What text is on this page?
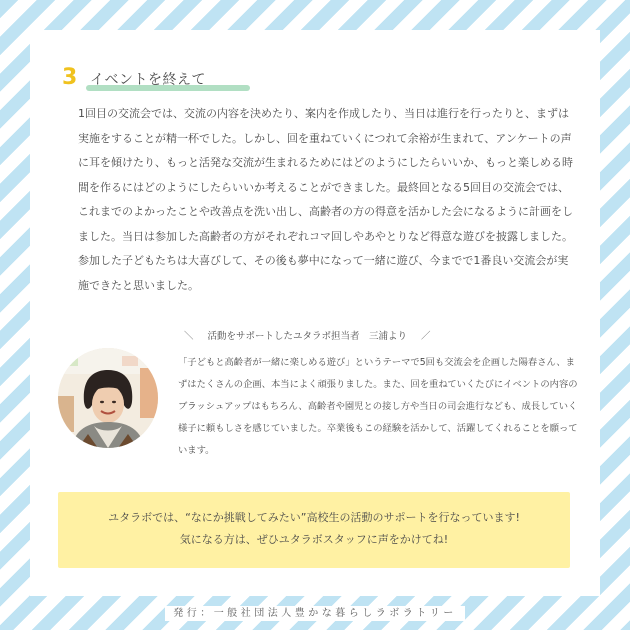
3 イベントを終えて

1回目の交流会では、交流の内容を決めたり、案内を作成したり、当日は進行を行ったりと、まずは実施をすることが精一杯でした。しかし、回を重ねていくにつれて余裕が生まれて、アンケートの声に耳を傾けたり、もっと活発な交流が生まれるためにはどのようにしたらいいか、もっと楽しめる時間を作るにはどのようにしたらいいか考えることができました。最終回となる5回目の交流会では、これまでのよかったことや改善点を洗い出し、高齢者の方の得意を活かした会になるように計画をしました。当日は参加した高齢者の方がそれぞれコマ回しやあやとりなど得意な遊びを披露しました。参加した子どもたちは大喜びして、その後も夢中になって一緒に遊び、今までで1番良い交流会が実施できたと思いました。

＼ 活動をサポートしたユタラボ担当者　三浦より ／

「子どもと高齢者が一緒に楽しめる遊び」というテーマで5回も交流会を企画した陽春さん、まずはたくさんの企画、本当によく頑張りました。また、回を重ねていくたびにイベントの内容のブラッシュアップはもちろん、高齢者や園児との接し方や当日の司会進行なども、成長していく様子に頼もしさを感じていました。卒業後もこの経験を活かして、活躍してくれることを願っています。

ユタラボでは、“なにか挑戦してみたい”高校生の活動のサポートを行なっています!
気になる方は、ぜひユタラボスタッフに声をかけてね!
発行：一般社団法人豊かな暮らしラボラトリー
